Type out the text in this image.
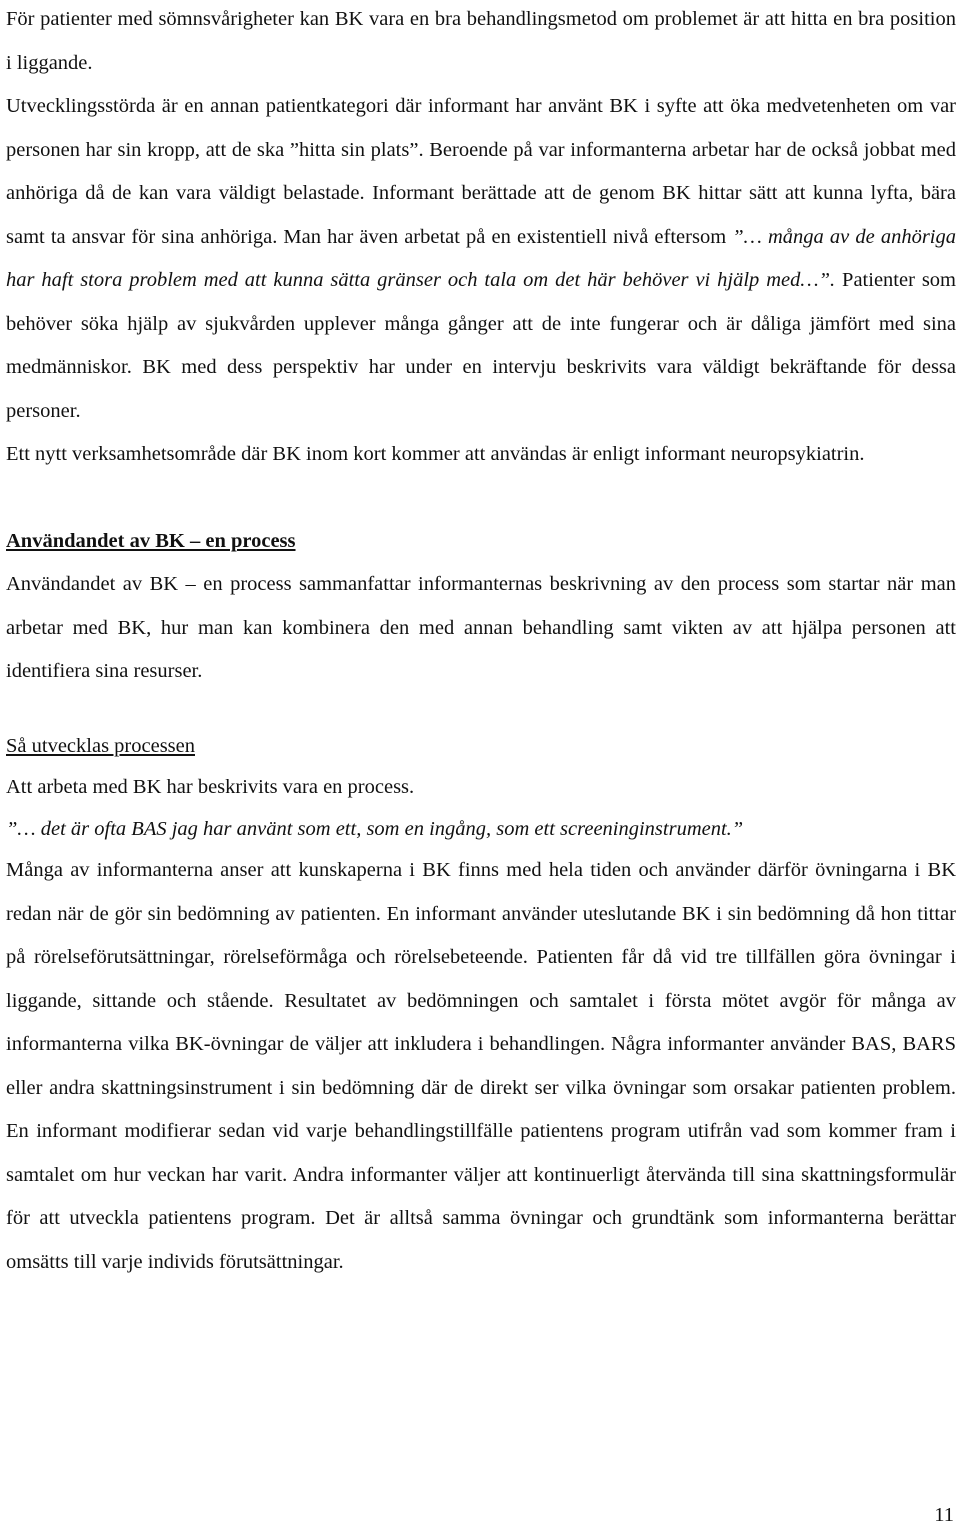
För patienter med sömnsvårigheter kan BK vara en bra behandlingsmetod om problemet är att hitta en bra position i liggande.

Utvecklingsstörda är en annan patientkategori där informant har använt BK i syfte att öka medvetenheten om var personen har sin kropp, att de ska ”hitta sin plats”. Beroende på var informanterna arbetar har de också jobbat med anhöriga då de kan vara väldigt belastade. Informant berättade att de genom BK hittar sätt att kunna lyfta, bära samt ta ansvar för sina anhöriga. Man har även arbetat på en existentiell nivå eftersom ”… många av de anhöriga har haft stora problem med att kunna sätta gränser och tala om det här behöver vi hjälp med…”. Patienter som behöver söka hjälp av sjukvården upplever många gånger att de inte fungerar och är dåliga jämfört med sina medmänniskor. BK med dess perspektiv har under en intervju beskrivits vara väldigt bekräftande för dessa personer.

Ett nytt verksamhetsområde där BK inom kort kommer att användas är enligt informant neuropsykiatrin.

Användandet av BK – en process

Användandet av BK – en process sammanfattar informanternas beskrivning av den process som startar när man arbetar med BK, hur man kan kombinera den med annan behandling samt vikten av att hjälpa personen att identifiera sina resurser.

Så utvecklas processen

Att arbeta med BK har beskrivits vara en process.

”… det är ofta BAS jag har använt som ett, som en ingång, som ett screeninginstrument.”

Många av informanterna anser att kunskaperna i BK finns med hela tiden och använder därför övningarna i BK redan när de gör sin bedömning av patienten. En informant använder uteslutande BK i sin bedömning då hon tittar på rörelseförutsättningar, rörelseförmåga och rörelsebeteende. Patienten får då vid tre tillfällen göra övningar i liggande, sittande och stående. Resultatet av bedömningen och samtalet i första mötet avgör för många av informanterna vilka BK-övningar de väljer att inkludera i behandlingen. Några informanter använder BAS, BARS eller andra skattningsinstrument i sin bedömning där de direkt ser vilka övningar som orsakar patienten problem. En informant modifierar sedan vid varje behandlingstillfälle patientens program utifrån vad som kommer fram i samtalet om hur veckan har varit. Andra informanter väljer att kontinuerligt återvända till sina skattningsformulär för att utveckla patientens program. Det är alltså samma övningar och grundtänk som informanterna berättar omsätts till varje individs förutsättningar.

11
